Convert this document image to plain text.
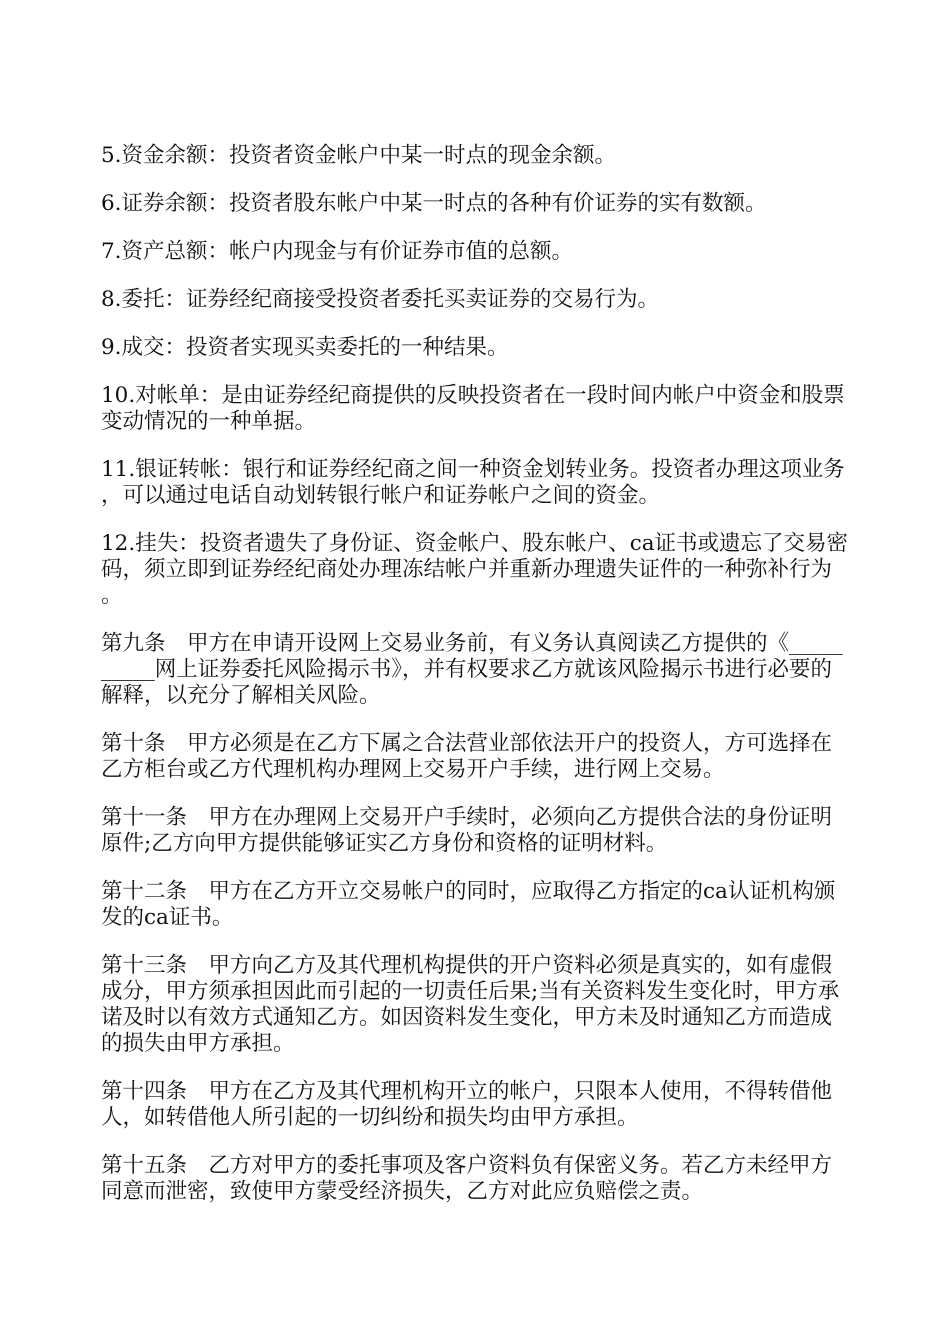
5.资金余额：投资者资金帐户中某一时点的现金余额。

6.证券余额：投资者股东帐户中某一时点的各种有价证券的实有数额。

7.资产总额：帐户内现金与有价证券市值的总额。

8.委托：证券经纪商接受投资者委托买卖证券的交易行为。

9.成交：投资者实现买卖委托的一种结果。

10.对帐单：是由证券经纪商提供的反映投资者在一段时间内帐户中资金和股票变动情况的一种单据。

11.银证转帐：银行和证券经纪商之间一种资金划转业务。投资者办理这项业务，可以通过电话自动划转银行帐户和证券帐户之间的资金。

12.挂失：投资者遗失了身份证、资金帐户、股东帐户、ca证书或遗忘了交易密码，须立即到证券经纪商处办理冻结帐户并重新办理遗失证件的一种弥补行为。

第九条　甲方在申请开设网上交易业务前，有义务认真阅读乙方提供的《__________网上证券委托风险揭示书》，并有权要求乙方就该风险揭示书进行必要的解释，以充分了解相关风险。

第十条　甲方必须是在乙方下属之合法营业部依法开户的投资人，方可选择在乙方柜台或乙方代理机构办理网上交易开户手续，进行网上交易。

第十一条　甲方在办理网上交易开户手续时，必须向乙方提供合法的身份证明原件;乙方向甲方提供能够证实乙方身份和资格的证明材料。

第十二条　甲方在乙方开立交易帐户的同时，应取得乙方指定的ca认证机构颁发的ca证书。

第十三条　甲方向乙方及其代理机构提供的开户资料必须是真实的，如有虚假成分，甲方须承担因此而引起的一切责任后果;当有关资料发生变化时，甲方承诺及时以有效方式通知乙方。如因资料发生变化，甲方未及时通知乙方而造成的损失由甲方承担。

第十四条　甲方在乙方及其代理机构开立的帐户，只限本人使用，不得转借他人，如转借他人所引起的一切纠纷和损失均由甲方承担。

第十五条　乙方对甲方的委托事项及客户资料负有保密义务。若乙方未经甲方同意而泄密，致使甲方蒙受经济损失，乙方对此应负赔偿之责。
